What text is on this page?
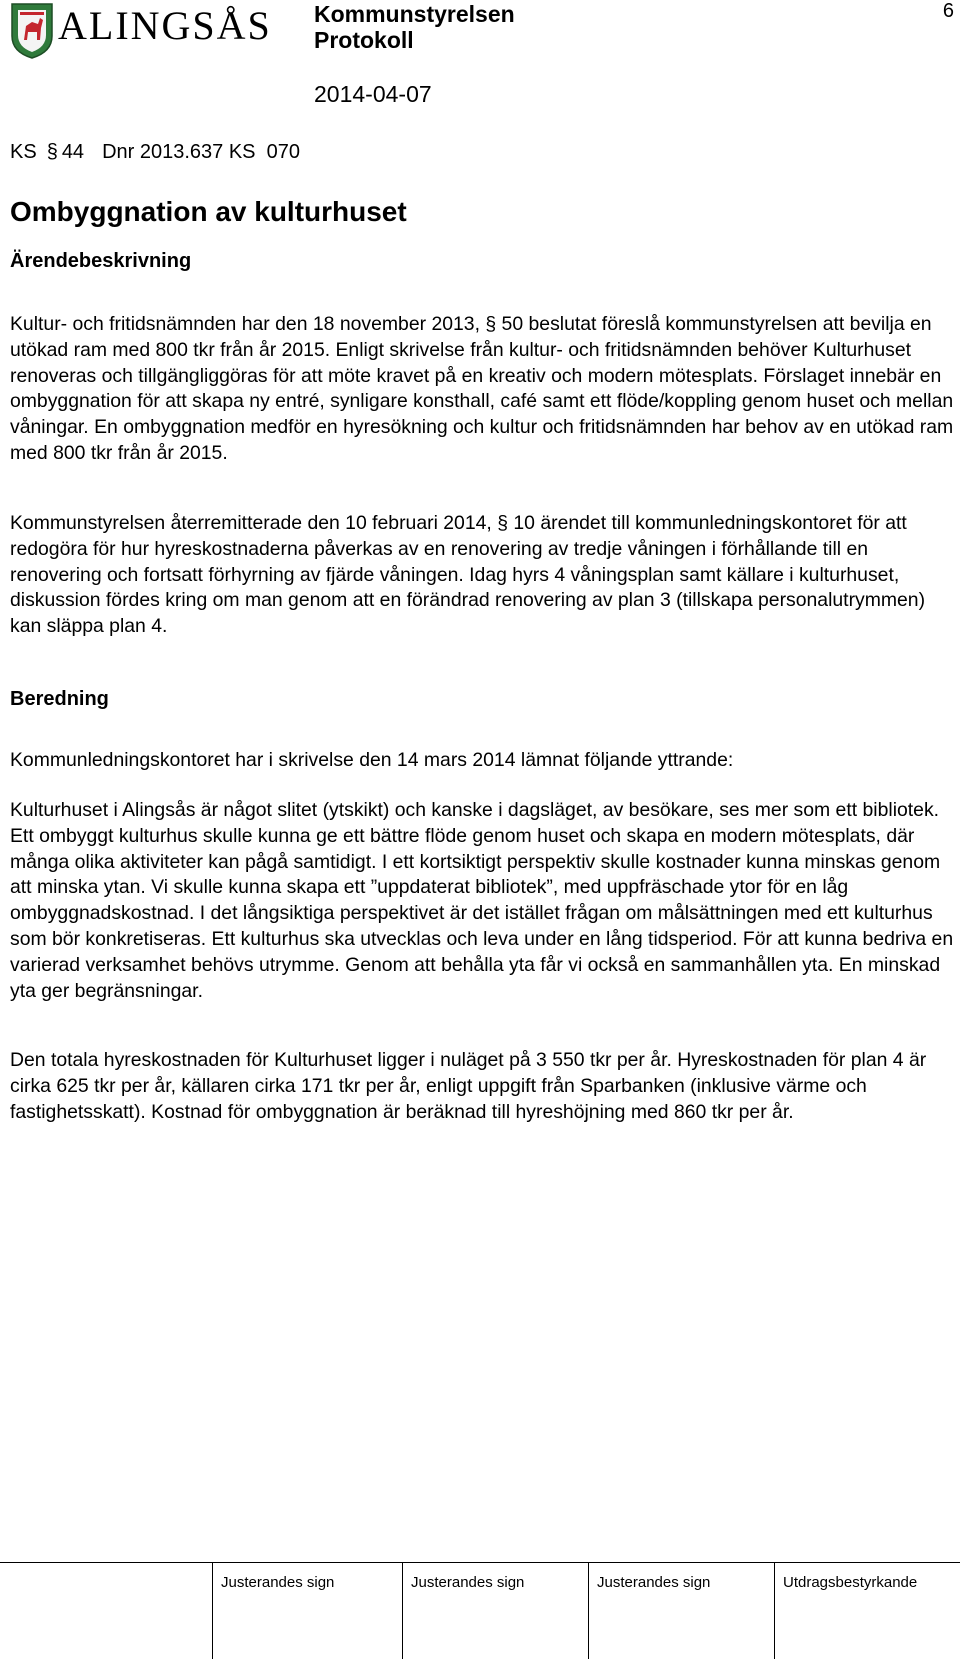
ALINGSÅS Kommunstyrelsen
Protokoll
2014-04-07
6
KS § 44 Dnr 2013.637 KS  070
Ombyggnation av kulturhuset
Ärendebeskrivning

Kultur- och fritidsnämnden har den 18 november 2013, § 50 beslutat föreslå kommunstyrelsen att bevilja en utökad ram med 800 tkr från år 2015. Enligt skrivelse från kultur- och fritidsnämnden behöver Kulturhuset renoveras och tillgängliggöras för att möte kravet på en kreativ och modern mötesplats. Förslaget innebär en ombyggnation för att skapa ny entré, synligare konsthall, café samt ett flöde/koppling genom huset och mellan våningar. En ombyggnation medför en hyresökning och kultur och fritidsnämnden har behov av en utökad ram med 800 tkr från år 2015.

Kommunstyrelsen återremitterade den 10 februari 2014, § 10 ärendet till kommunledningskontoret för att redogöra för hur hyreskostnaderna påverkas av en renovering av tredje våningen i förhållande till en renovering och fortsatt förhyrning av fjärde våningen. Idag hyrs 4 våningsplan samt källare i kulturhuset, diskussion fördes kring om man genom att en förändrad renovering av plan 3 (tillskapa personalutrymmen) kan släppa plan 4.

Beredning

Kommunledningskontoret har i skrivelse den 14 mars 2014 lämnat följande yttrande:

Kulturhuset i Alingsås är något slitet (ytskikt) och kanske i dagsläget, av besökare, ses mer som ett bibliotek. Ett ombyggt kulturhus skulle kunna ge ett bättre flöde genom huset och skapa en modern mötesplats, där många olika aktiviteter kan pågå samtidigt. I ett kortsiktigt perspektiv skulle kostnader kunna minskas genom att minska ytan. Vi skulle kunna skapa ett ”uppdaterat bibliotek”, med uppfräschade ytor för en låg ombyggnadskostnad. I det långsiktiga perspektivet är det istället frågan om målsättningen med ett kulturhus som bör konkretiseras. Ett kulturhus ska utvecklas och leva under en lång tidsperiod. För att kunna bedriva en varierad verksamhet behövs utrymme. Genom att behålla yta får vi också en sammanhållen yta. En minskad yta ger begränsningar.

Den totala hyreskostnaden för Kulturhuset ligger i nuläget på 3 550 tkr per år. Hyreskostnaden för plan 4 är cirka 625 tkr per år, källaren cirka 171 tkr per år, enligt uppgift från Sparbanken (inklusive värme och fastighetsskatt). Kostnad för ombyggnation är beräknad till hyreshöjning med 860 tkr per år.

Justerandes sign	Justerandes sign	Justerandes sign	Utdragsbestyrkande
